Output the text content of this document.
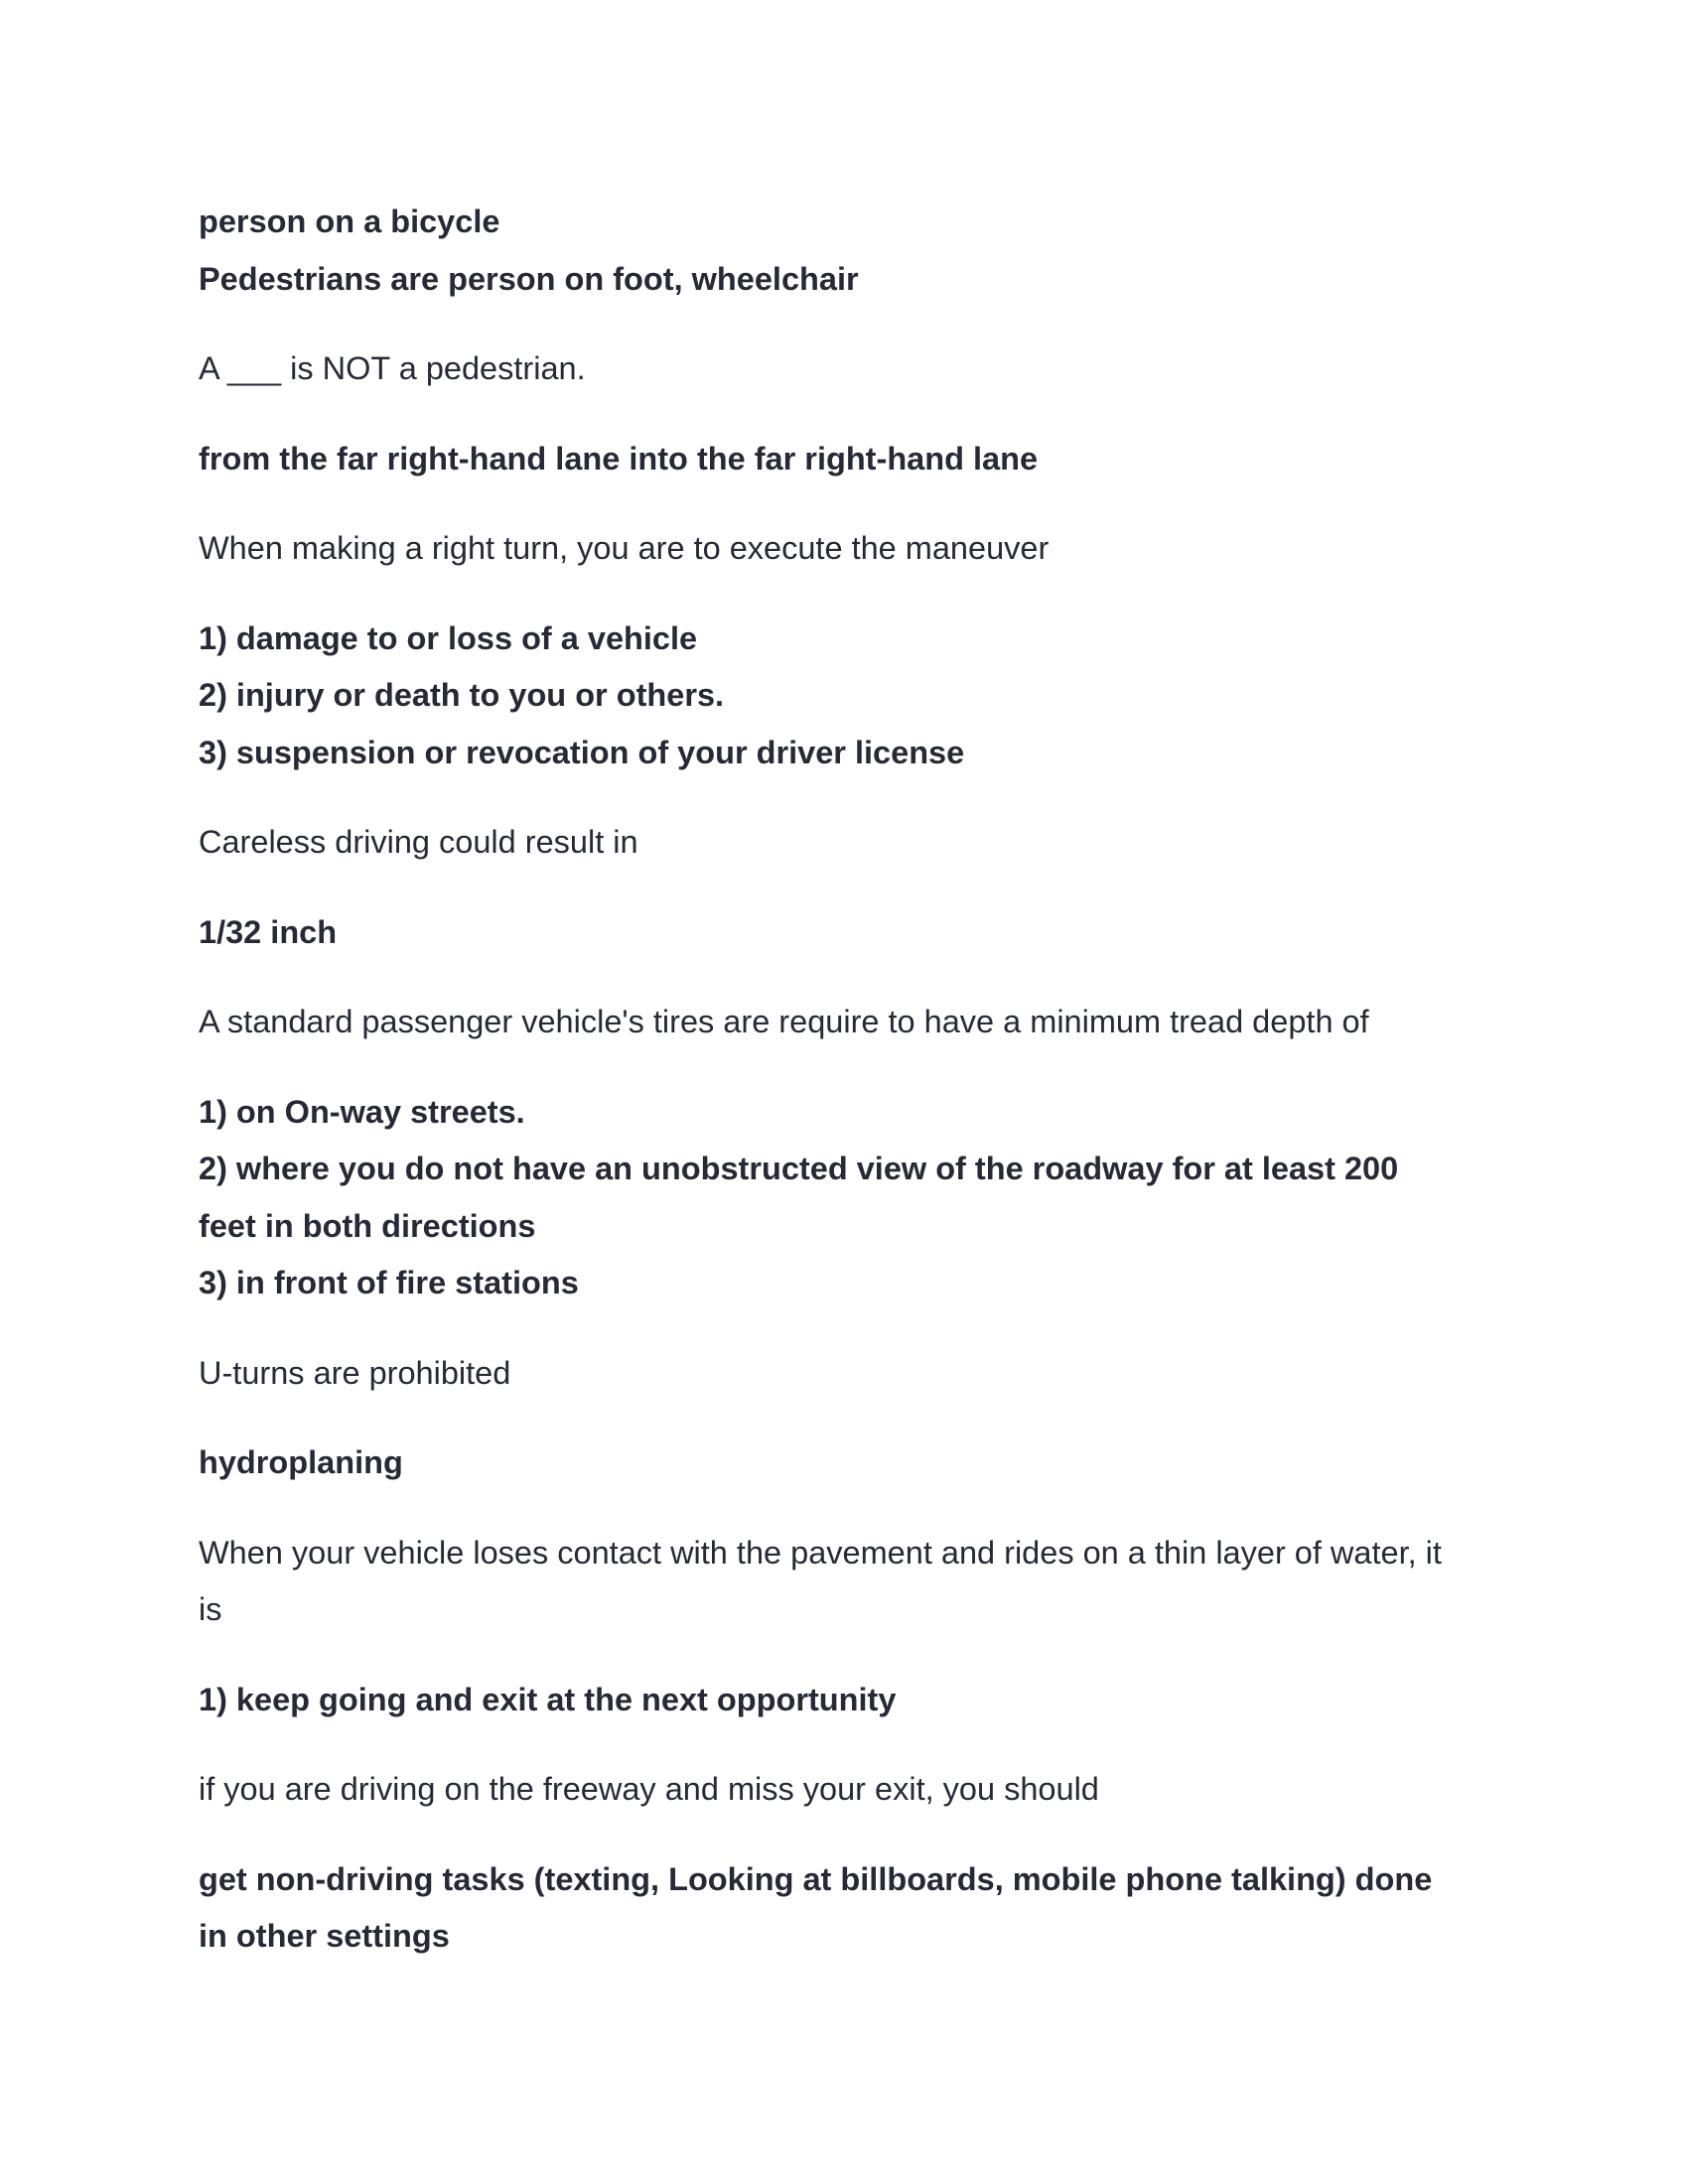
person on a bicycle

Pedestrians are person on foot, wheelchair

A ___ is NOT a pedestrian.

from the far right-hand lane into the far right-hand lane

When making a right turn, you are to execute the maneuver

1) damage to or loss of a vehicle

2) injury or death to you or others.

3) suspension or revocation of your driver license

Careless driving could result in

1/32 inch

A standard passenger vehicle's tires are require to have a minimum tread depth of

1) on On-way streets.

2) where you do not have an unobstructed view of the roadway for at least 200

feet in both directions

3) in front of fire stations

U-turns are prohibited

hydroplaning

When your vehicle loses contact with the pavement and rides on a thin layer of water, it

is

1) keep going and exit at the next opportunity

if you are driving on the freeway and miss your exit, you should

get non-driving tasks (texting, Looking at billboards, mobile phone talking) done

in other settings
